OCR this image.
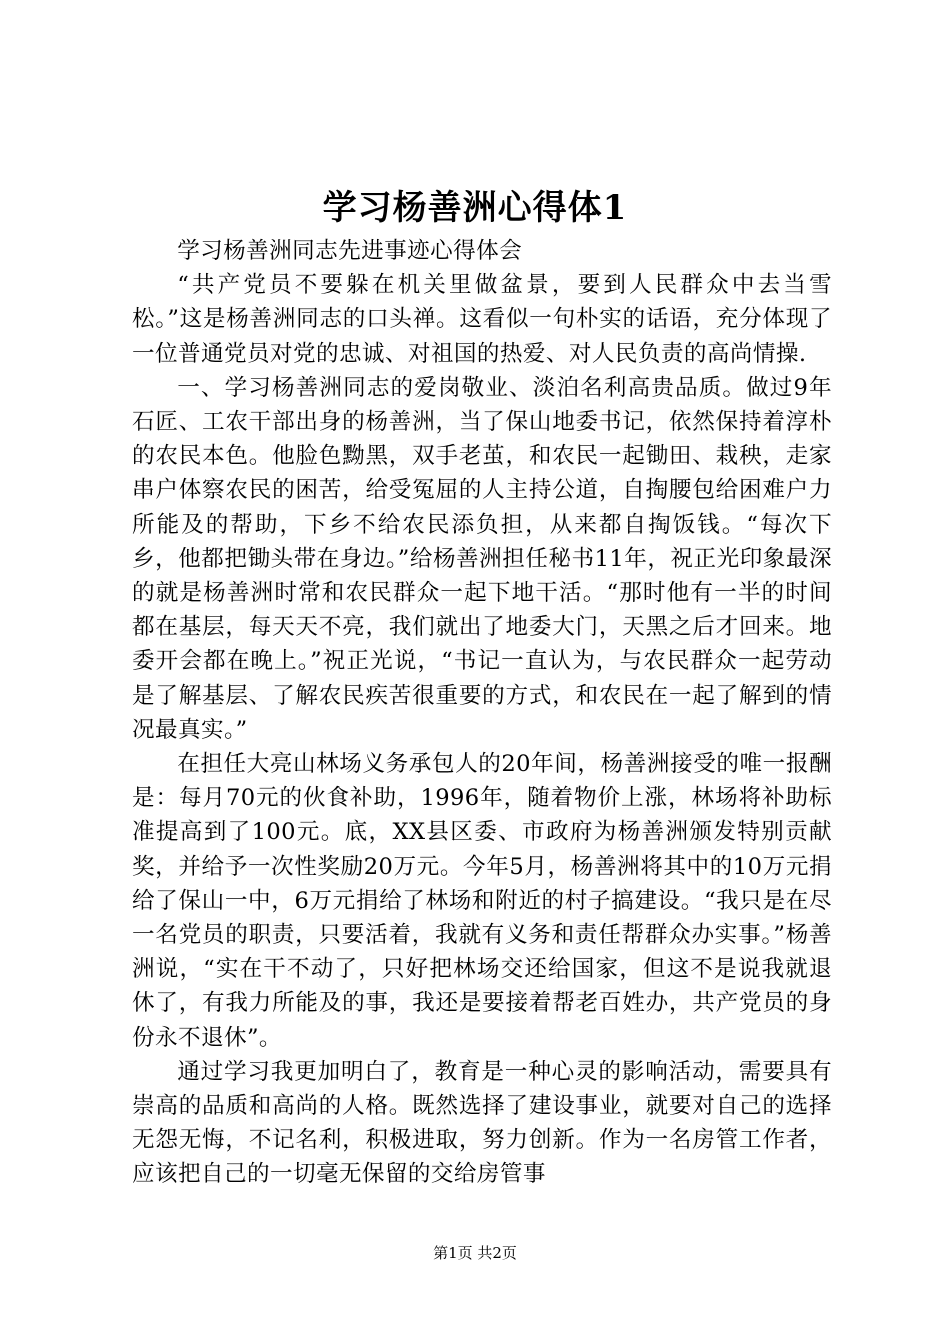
学习杨善洲心得体1

学习杨善洲同志先进事迹心得体会

“共产党员不要躲在机关里做盆景，要到人民群众中去当雪松。”这是杨善洲同志的口头禅。这看似一句朴实的话语，充分体现了一位普通党员对党的忠诚、对祖国的热爱、对人民负责的高尚情操.

一、学习杨善洲同志的爱岗敬业、淡泊名利高贵品质。做过9年石匠、工农干部出身的杨善洲，当了保山地委书记，依然保持着淳朴的农民本色。他脸色黝黑，双手老茧，和农民一起锄田、栽秧，走家串户体察农民的困苦，给受冤屈的人主持公道，自掏腰包给困难户力所能及的帮助，下乡不给农民添负担，从来都自掏饭钱。“每次下乡，他都把锄头带在身边。”给杨善洲担任秘书11年，祝正光印象最深的就是杨善洲时常和农民群众一起下地干活。“那时他有一半的时间都在基层，每天天不亮，我们就出了地委大门，天黑之后才回来。地委开会都在晚上。”祝正光说，“书记一直认为，与农民群众一起劳动是了解基层、了解农民疾苦很重要的方式，和农民在一起了解到的情况最真实。”

在担任大亮山林场义务承包人的20年间，杨善洲接受的唯一报酬是：每月70元的伙食补助，1996年，随着物价上涨，林场将补助标准提高到了100元。底，XX县区委、市政府为杨善洲颁发特别贡献奖，并给予一次性奖励20万元。今年5月，杨善洲将其中的10万元捐给了保山一中，6万元捐给了林场和附近的村子搞建设。“我只是在尽一名党员的职责，只要活着，我就有义务和责任帮群众办实事。”杨善洲说，“实在干不动了，只好把林场交还给国家，但这不是说我就退休了，有我力所能及的事，我还是要接着帮老百姓办，共产党员的身份永不退休”。

通过学习我更加明白了，教育是一种心灵的影响活动，需要具有崇高的品质和高尚的人格。既然选择了建设事业，就要对自己的选择无怨无悔，不记名利，积极进取，努力创新。作为一名房管工作者，应该把自己的一切毫无保留的交给房管事

第1页 共2页
